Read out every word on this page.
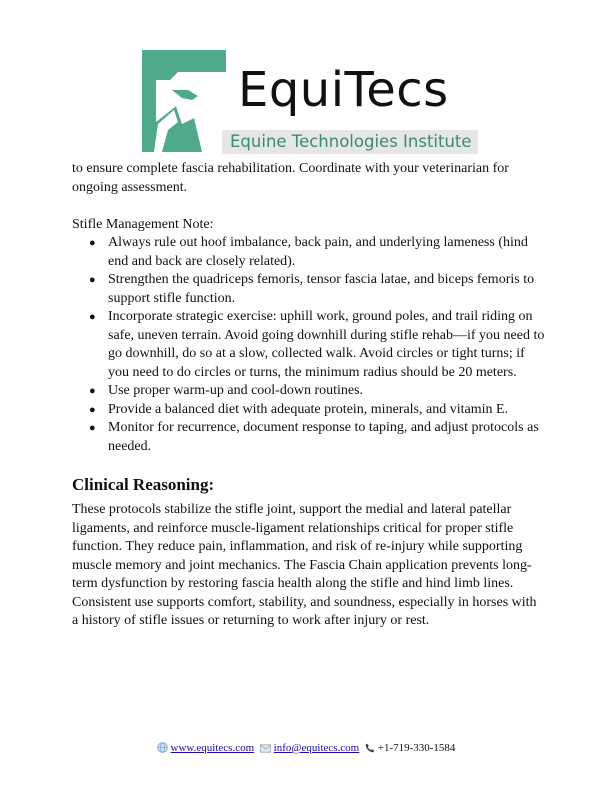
EquiTecs
Equine Technologies Institute

to ensure complete fascia rehabilitation. Coordinate with your veterinarian for ongoing assessment.

Stifle Management Note:

● Always rule out hoof imbalance, back pain, and underlying lameness (hind end and back are closely related).
● Strengthen the quadriceps femoris, tensor fascia latae, and biceps femoris to support stifle function.
● Incorporate strategic exercise: uphill work, ground poles, and trail riding on safe, uneven terrain. Avoid going downhill during stifle rehab—if you need to go downhill, do so at a slow, collected walk. Avoid circles or tight turns; if you need to do circles or turns, the minimum radius should be 20 meters.
● Use proper warm-up and cool-down routines.
● Provide a balanced diet with adequate protein, minerals, and vitamin E.
● Monitor for recurrence, document response to taping, and adjust protocols as needed.

Clinical Reasoning:

These protocols stabilize the stifle joint, support the medial and lateral patellar ligaments, and reinforce muscle-ligament relationships critical for proper stifle function. They reduce pain, inflammation, and risk of re-injury while supporting muscle memory and joint mechanics. The Fascia Chain application prevents long-term dysfunction by restoring fascia health along the stifle and hind limb lines. Consistent use supports comfort, stability, and soundness, especially in horses with a history of stifle issues or returning to work after injury or rest.

www.equitecs.com info@equitecs.com +1-719-330-1584
